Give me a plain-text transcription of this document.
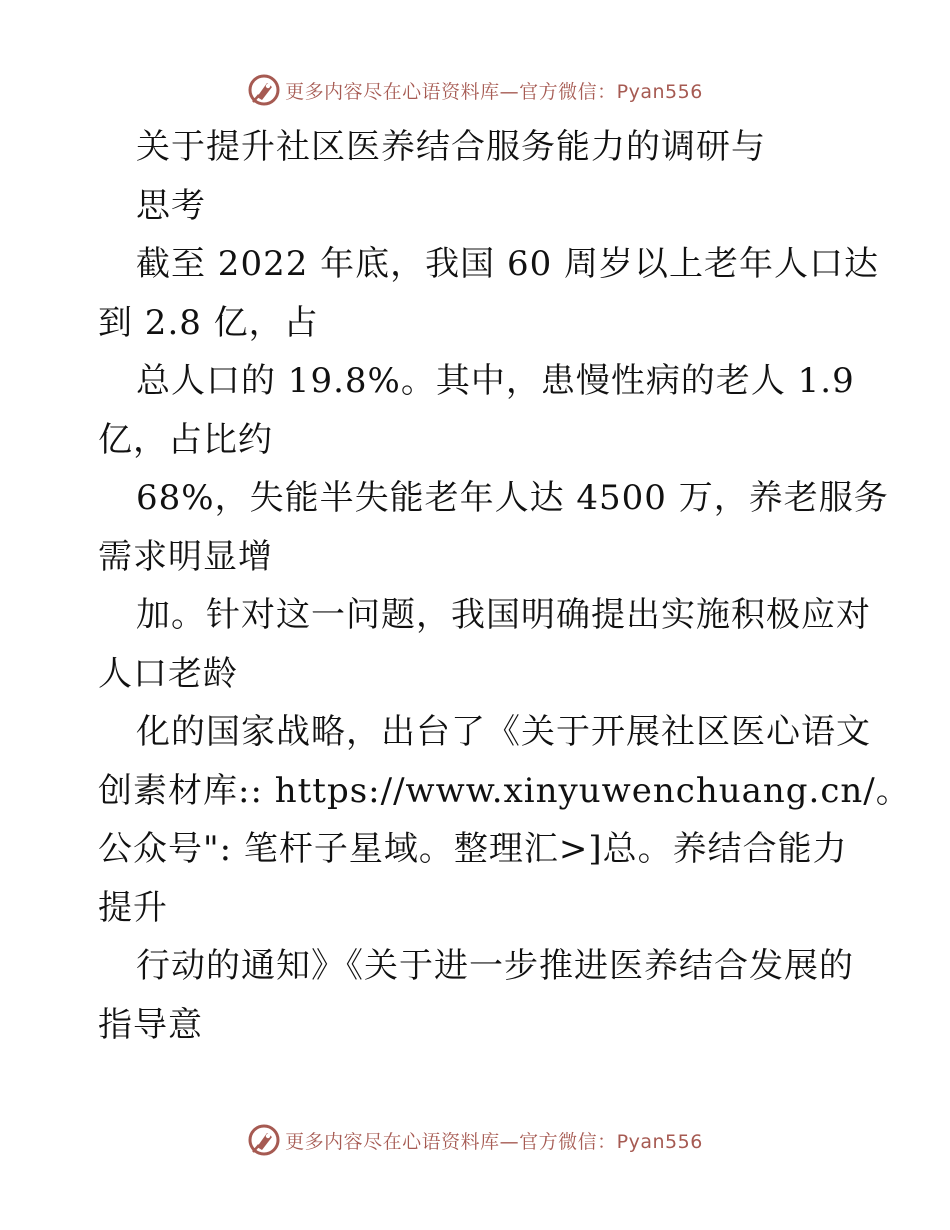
更多内容尽在心语资料库—官方微信：Pyan556
关于提升社区医养结合服务能力的调研与
思考
截至 2022 年底，我国 60 周岁以上老年人口达
到 2.8 亿，占
总人口的 19.8%。其中，患慢性病的老人 1.9
亿，占比约
68%，失能半失能老年人达 4500 万，养老服务
需求明显增
加。针对这一问题，我国明确提出实施积极应对
人口老龄
化的国家战略，出台了《关于开展社区医心语文
创素材库:: https://www.xinyuwenchuang.cn/。
公众号": 笔杆子星域。整理汇>]总。养结合能力
提升
行动的通知》《关于进一步推进医养结合发展的
指导意
更多内容尽在心语资料库—官方微信：Pyan556
